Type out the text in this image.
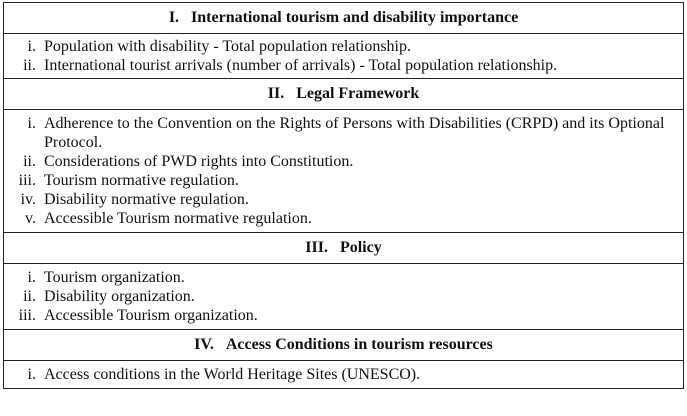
I. International tourism and disability importance
i. Population with disability - Total population relationship.
ii. International tourist arrivals (number of arrivals) - Total population relationship.
II. Legal Framework
i. Adherence to the Convention on the Rights of Persons with Disabilities (CRPD) and its Optional Protocol.
ii. Considerations of PWD rights into Constitution.
iii. Tourism normative regulation.
iv. Disability normative regulation.
v. Accessible Tourism normative regulation.
III. Policy
i. Tourism organization.
ii. Disability organization.
iii. Accessible Tourism organization.
IV. Access Conditions in tourism resources
i. Access conditions in the World Heritage Sites (UNESCO).
